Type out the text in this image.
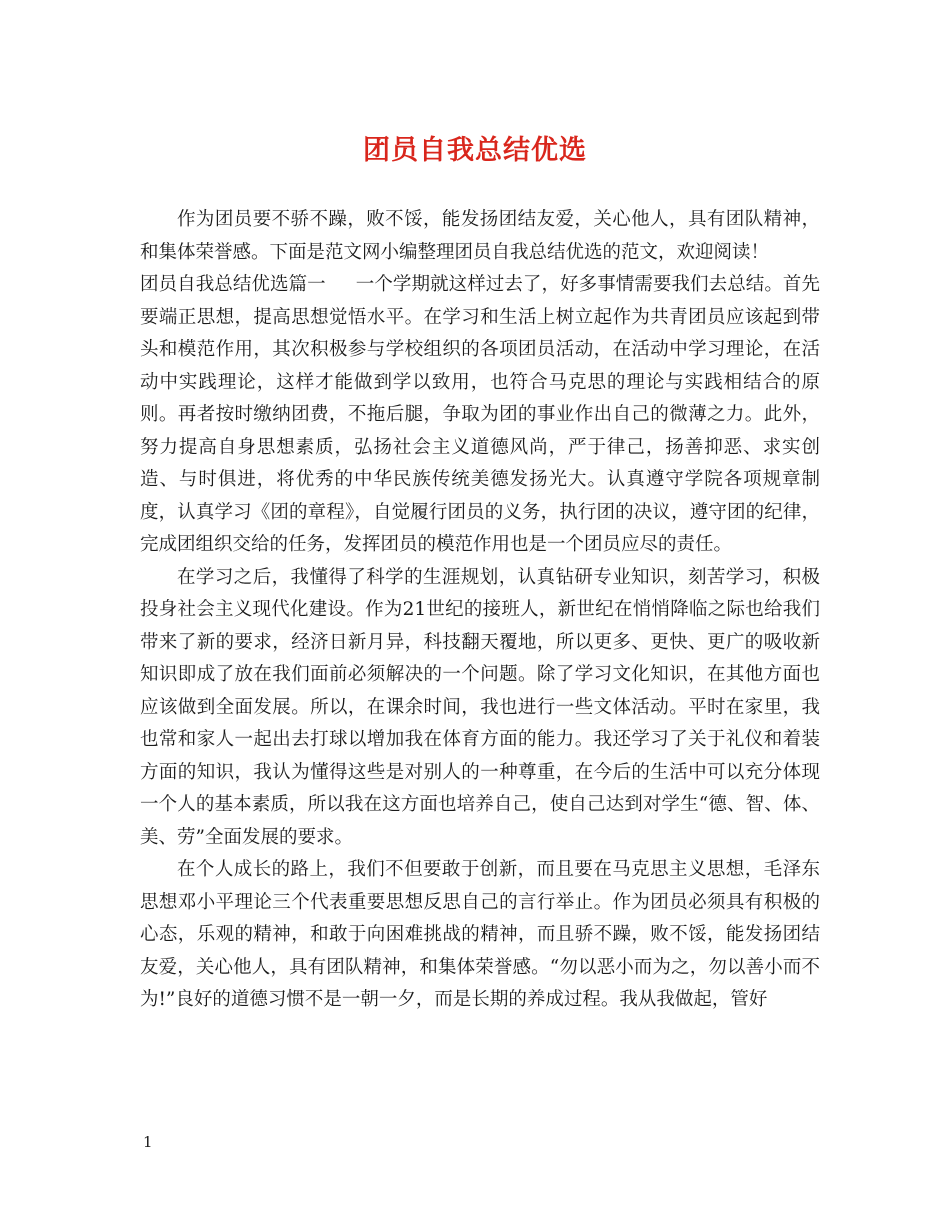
团员自我总结优选

作为团员要不骄不躁，败不馁，能发扬团结友爱，关心他人，具有团队精神，和集体荣誉感。下面是范文网小编整理团员自我总结优选的范文，欢迎阅读！

团员自我总结优选篇一 一个学期就这样过去了，好多事情需要我们去总结。首先要端正思想，提高思想觉悟水平。在学习和生活上树立起作为共青团员应该起到带头和模范作用，其次积极参与学校组织的各项团员活动，在活动中学习理论，在活动中实践理论，这样才能做到学以致用，也符合马克思的理论与实践相结合的原则。再者按时缴纳团费，不拖后腿，争取为团的事业作出自己的微薄之力。此外，努力提高自身思想素质，弘扬社会主义道德风尚，严于律己，扬善抑恶、求实创造、与时俱进，将优秀的中华民族传统美德发扬光大。认真遵守学院各项规章制度，认真学习《团的章程》，自觉履行团员的义务，执行团的决议，遵守团的纪律，完成团组织交给的任务，发挥团员的模范作用也是一个团员应尽的责任。

在学习之后，我懂得了科学的生涯规划，认真钻研专业知识，刻苦学习，积极投身社会主义现代化建设。作为21世纪的接班人，新世纪在悄悄降临之际也给我们带来了新的要求，经济日新月异，科技翻天覆地，所以更多、更快、更广的吸收新知识即成了放在我们面前必须解决的一个问题。除了学习文化知识，在其他方面也应该做到全面发展。所以，在课余时间，我也进行一些文体活动。平时在家里，我也常和家人一起出去打球以增加我在体育方面的能力。我还学习了关于礼仪和着装方面的知识，我认为懂得这些是对别人的一种尊重，在今后的生活中可以充分体现一个人的基本素质，所以我在这方面也培养自己，使自己达到对学生“德、智、体、美、劳”全面发展的要求。

在个人成长的路上，我们不但要敢于创新，而且要在马克思主义思想，毛泽东思想邓小平理论三个代表重要思想反思自己的言行举止。作为团员必须具有积极的心态，乐观的精神，和敢于向困难挑战的精神，而且骄不躁，败不馁，能发扬团结友爱，关心他人，具有团队精神，和集体荣誉感。“勿以恶小而为之，勿以善小而不为!”良好的道德习惯不是一朝一夕，而是长期的养成过程。我从我做起，管好

1
